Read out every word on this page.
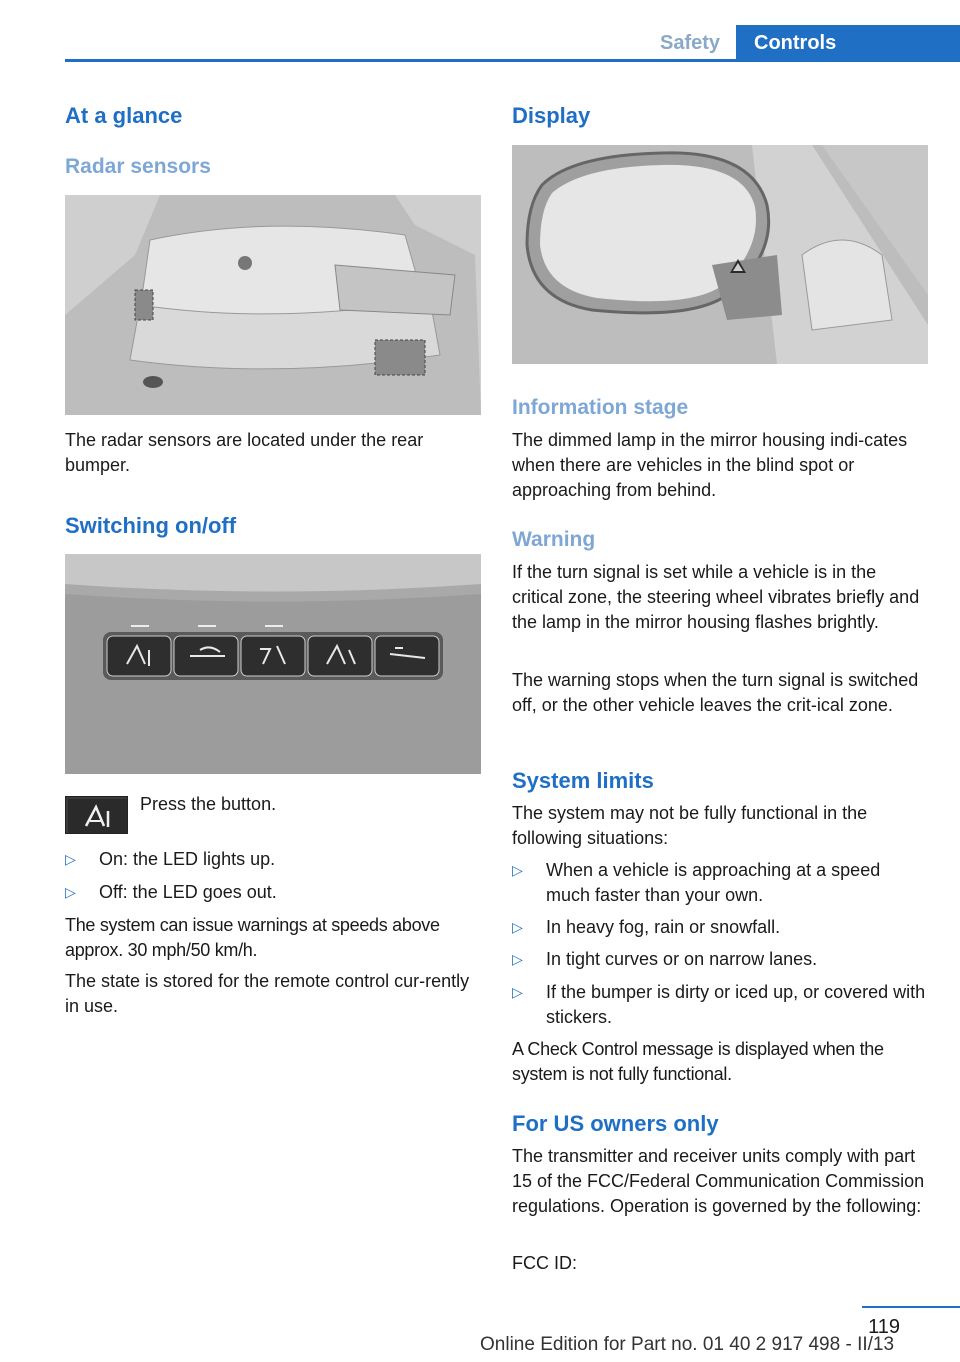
Safety	Controls
At a glance
Radar sensors

The radar sensors are located under the rear bumper.

Switching on/off

Press the button.

▷ On: the LED lights up.
▷ Off: the LED goes out.

The system can issue warnings at speeds above approx. 30 mph/50 km/h.

The state is stored for the remote control cur-rently in use.

Display
Information stage

The dimmed lamp in the mirror housing indi-cates when there are vehicles in the blind spot or approaching from behind.

Warning

If the turn signal is set while a vehicle is in the critical zone, the steering wheel vibrates briefly and the lamp in the mirror housing flashes brightly.

The warning stops when the turn signal is switched off, or the other vehicle leaves the crit-ical zone.

System limits

The system may not be fully functional in the following situations:

▷ When a vehicle is approaching at a speed much faster than your own.
▷ In heavy fog, rain or snowfall.
▷ In tight curves or on narrow lanes.
▷ If the bumper is dirty or iced up, or covered with stickers.

A Check Control message is displayed when the system is not fully functional.

For US owners only

The transmitter and receiver units comply with part 15 of the FCC/Federal Communication Commission regulations. Operation is governed by the following:

FCC ID:

119
Online Edition for Part no. 01 40 2 917 498 - II/13
